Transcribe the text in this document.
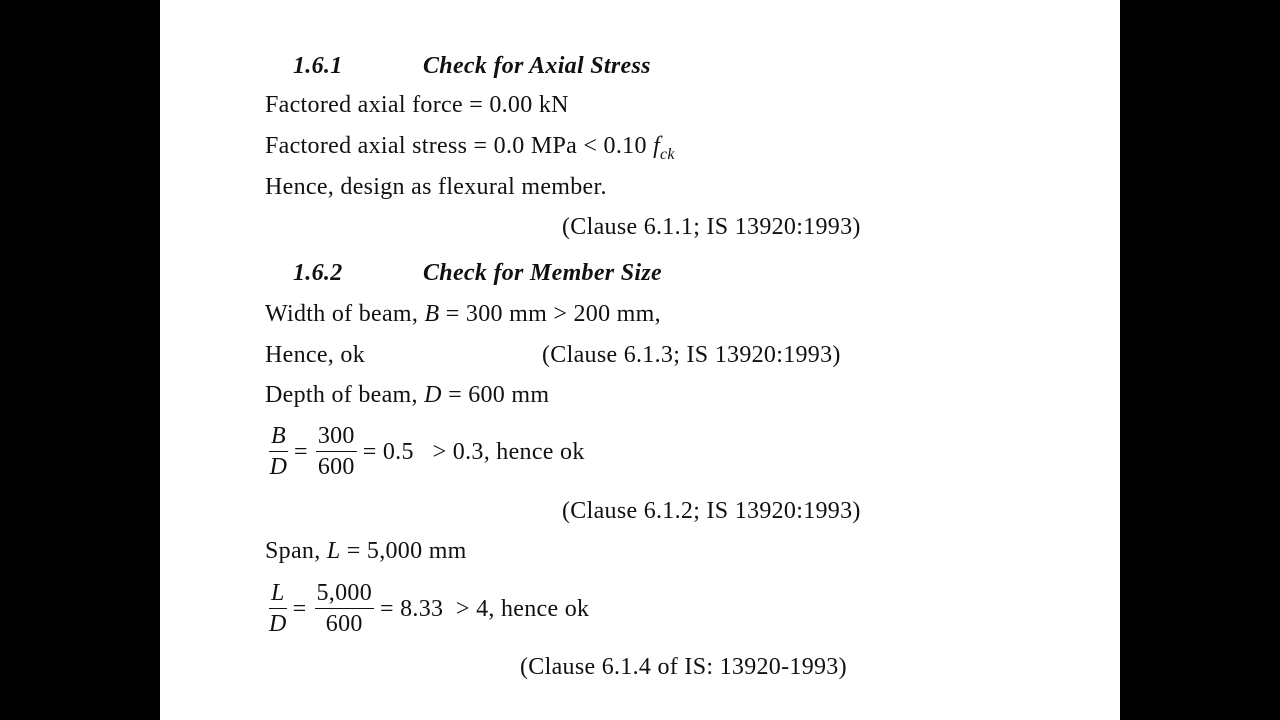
1.6.1	Check for Axial Stress
Factored axial force = 0.00 kN
Factored axial stress = 0.0 MPa < 0.10 $f_{ck}$
Hence, design as flexural member.
(Clause 6.1.1; IS 13920:1993)
1.6.2	Check for Member Size
Width of beam, B = 300 mm > 200 mm,
Hence, ok	(Clause 6.1.3; IS 13920:1993)
Depth of beam, D = 600 mm
$\frac{B}{D} = \frac{300}{600} = 0.5 > 0.3$, hence ok
(Clause 6.1.2; IS 13920:1993)
Span, L = 5,000 mm
$\frac{L}{D} = \frac{5,000}{600} = 8.33 > 4$, hence ok
(Clause 6.1.4 of IS: 13920-1993)
